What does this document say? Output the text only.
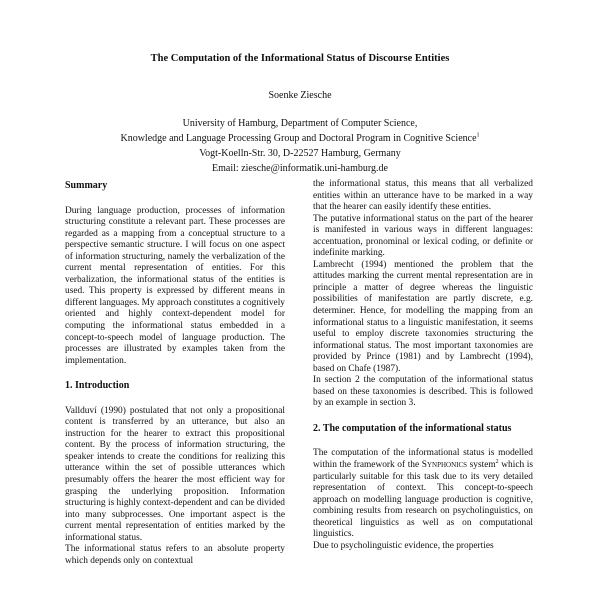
The Computation of the Informational Status of Discourse Entities
Soenke Ziesche
University of Hamburg, Department of Computer Science,
Knowledge and Language Processing Group and Doctoral Program in Cognitive Science$^1$
Vogt-Koelln-Str. 30, D-22527 Hamburg, Germany
Email: ziesche@informatik.uni-hamburg.de
Summary

During language production, processes of information structuring constitute a relevant part. These processes are regarded as a mapping from a conceptual structure to a perspective semantic structure. I will focus on one aspect of information structuring, namely the verbalization of the current mental representation of entities. For this verbalization, the informational status of the entities is used. This property is expressed by different means in different languages. My approach constitutes a cognitively oriented and highly context-dependent model for computing the informational status embedded in a concept-to-speech model of language production. The processes are illustrated by examples taken from the implementation.

1. Introduction

Vallduví (1990) postulated that not only a propositional content is transferred by an utterance, but also an instruction for the hearer to extract this propositional content. By the process of information structuring, the speaker intends to create the conditions for realizing this utterance within the set of possible utterances which presumably offers the hearer the most efficient way for grasping the underlying proposition. Information structuring is highly context-dependent and can be divided into many subprocesses. One important aspect is the current mental representation of entities marked by the informational status.

The informational status refers to an absolute property which depends only on contextual

the informational status, this means that all verbalized entities within an utterance have to be marked in a way that the hearer can easily identify these entities.

The putative informational status on the part of the hearer is manifested in various ways in different languages: accentuation, pronominal or lexical coding, or definite or indefinite marking.

Lambrecht (1994) mentioned the problem that the attitudes marking the current mental representation are in principle a matter of degree whereas the linguistic possibilities of manifestation are partly discrete, e.g. determiner. Hence, for modelling the mapping from an informational status to a linguistic manifestation, it seems useful to employ discrete taxonomies structuring the informational status. The most important taxonomies are provided by Prince (1981) and by Lambrecht (1994), based on Chafe (1987).

In section 2 the computation of the informational status based on these taxonomies is described. This is followed by an example in section 3.

2. The computation of the informational status

The computation of the informational status is modelled within the framework of the Synphonics system$^2$ which is particularly suitable for this task due to its very detailed representation of context. This concept-to-speech approach on modelling language production is cognitive, combining results from research on psycholinguistics, on theoretical linguistics as well as on computational linguistics.

Due to psycholinguistic evidence, the properties
